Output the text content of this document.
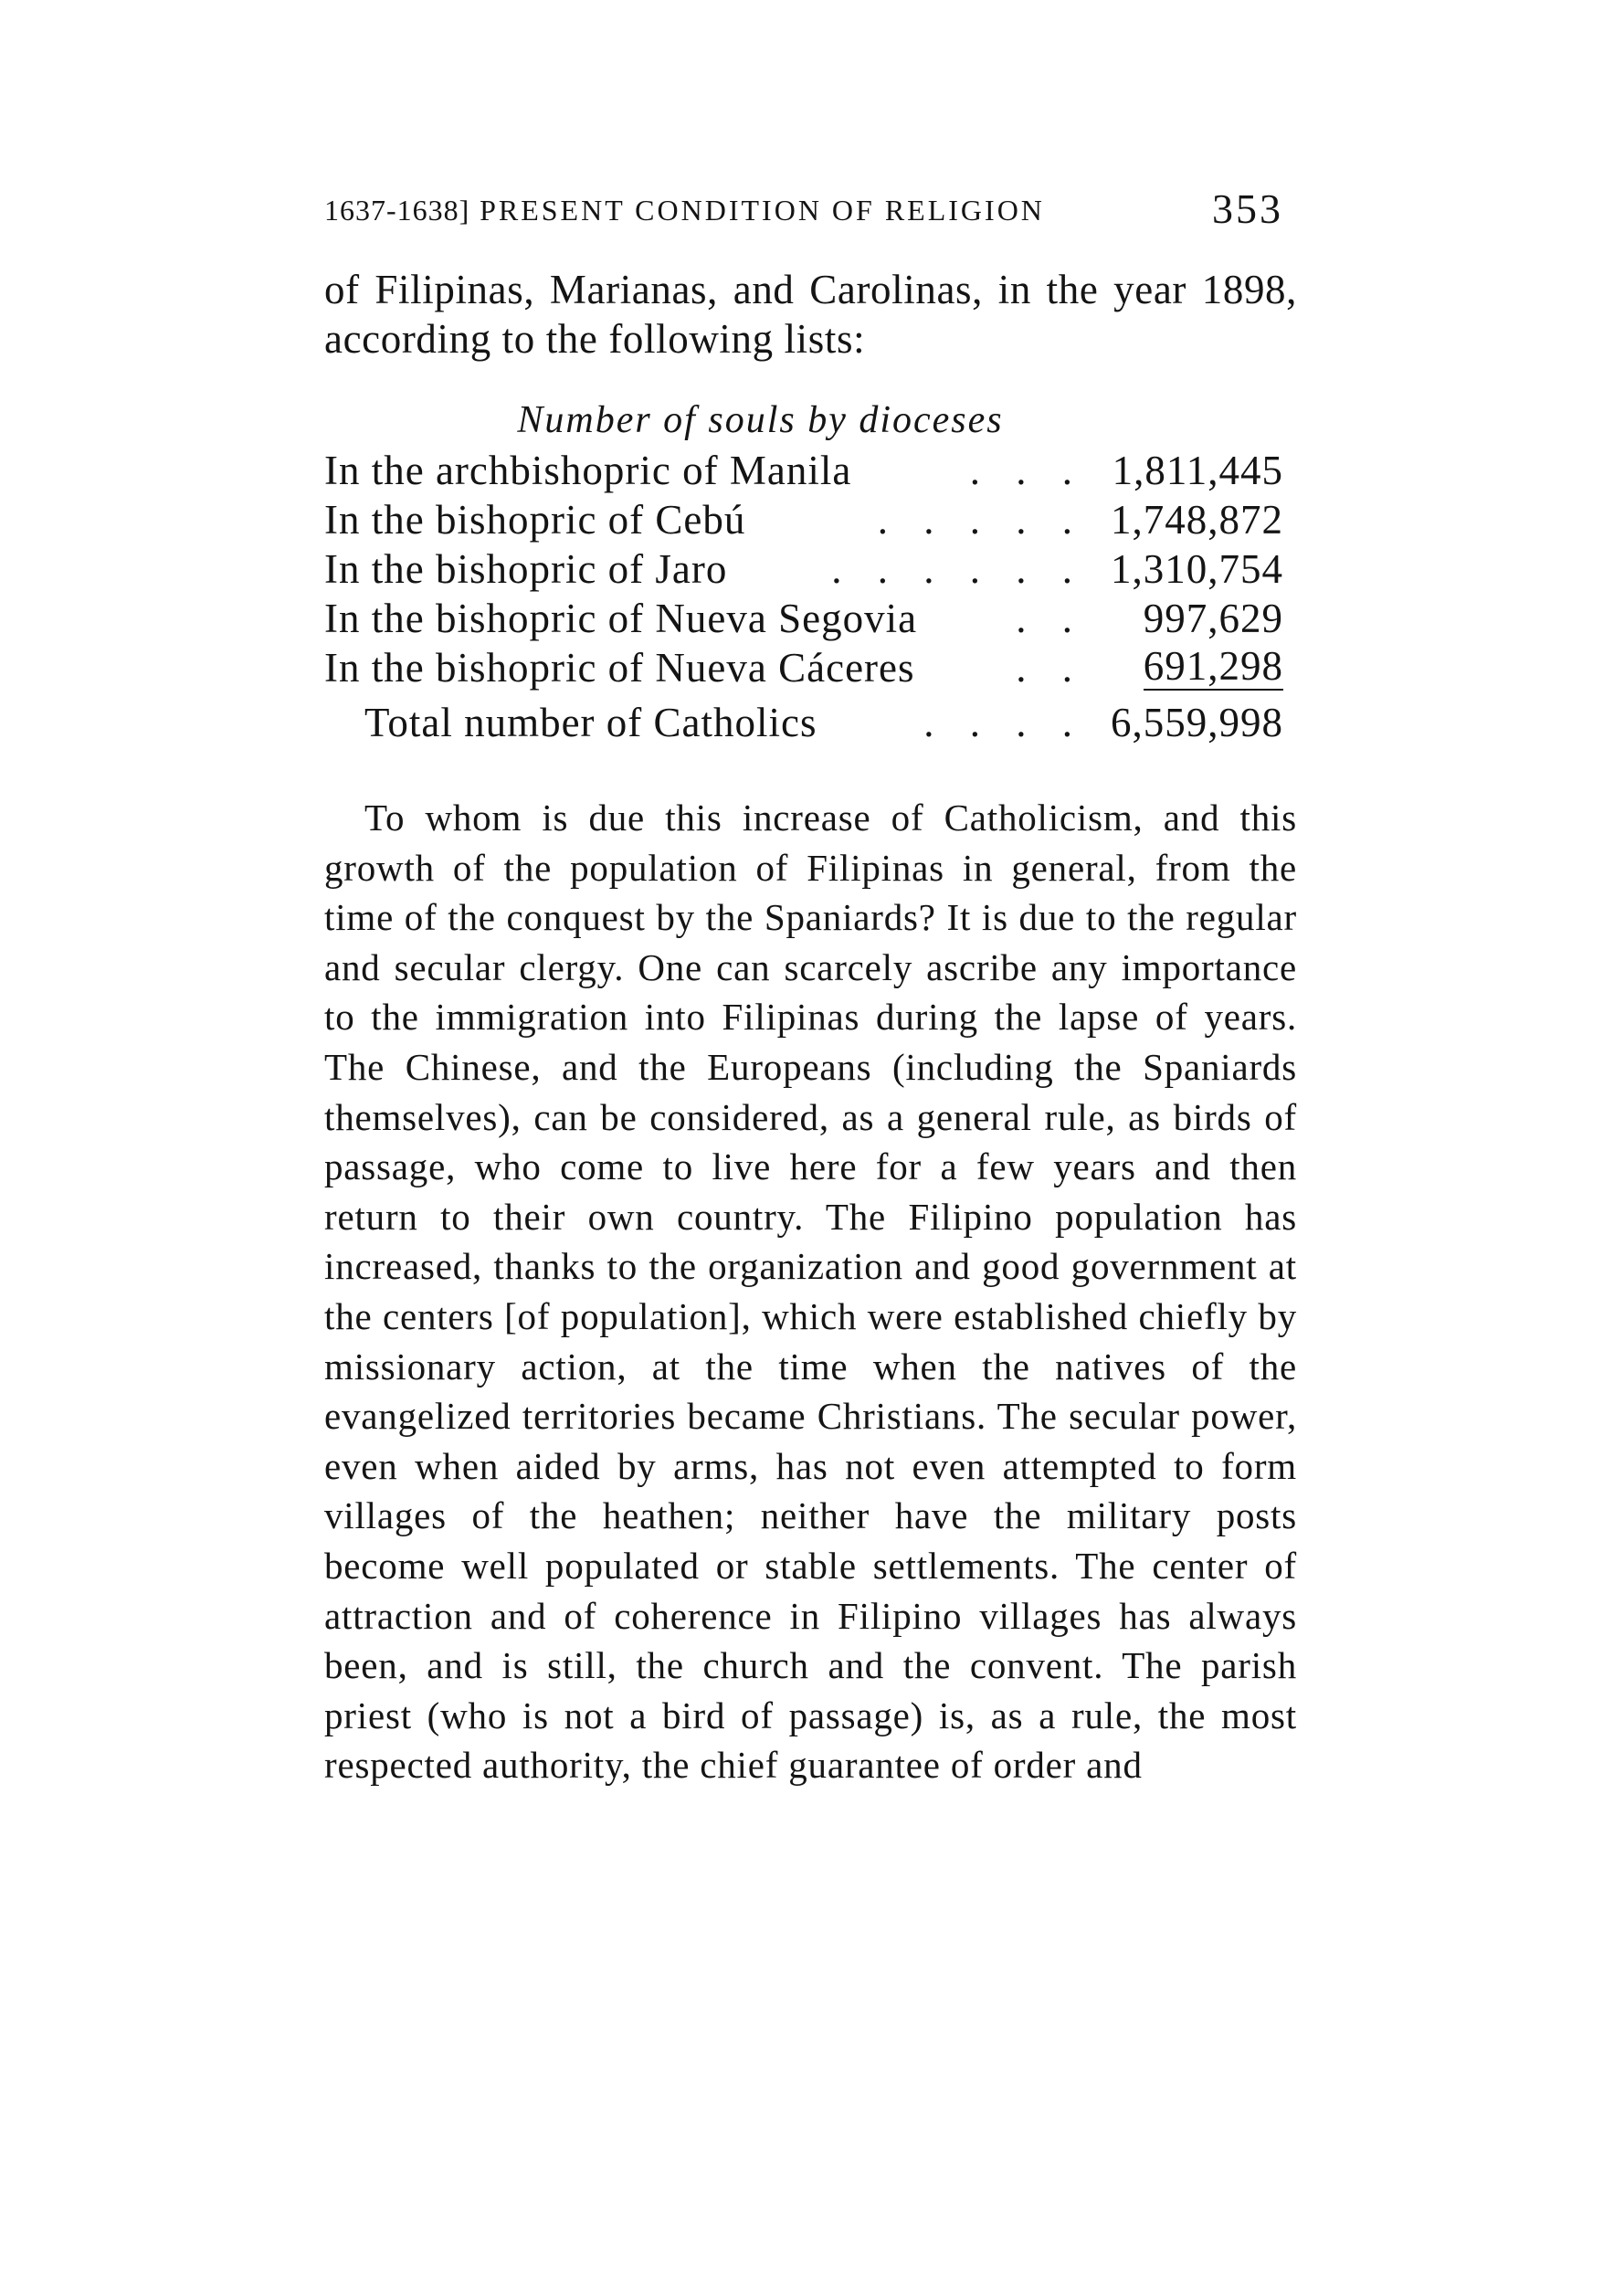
1637-1638] PRESENT CONDITION OF RELIGION	353
of Filipinas, Marianas, and Carolinas, in the year 1898, according to the following lists:
Number of souls by dioceses
In the archbishopric of Manila	. . . 1,811,445
In the bishopric of Cebú	. . . . . 1,748,872
In the bishopric of Jaro	. . . . . . 1,310,754
In the bishopric of Nueva Segovia . . 997,629
In the bishopric of Nueva Cáceres . . 691,298
Total number of Catholics	. . . . 6,559,998
To whom is due this increase of Catholicism, and this growth of the population of Filipinas in general, from the time of the conquest by the Spaniards? It is due to the regular and secular clergy. One can scarcely ascribe any importance to the immigration into Filipinas during the lapse of years. The Chinese, and the Europeans (including the Spaniards themselves), can be considered, as a general rule, as birds of passage, who come to live here for a few years and then return to their own country. The Filipino population has increased, thanks to the organization and good government at the centers [of population], which were established chiefly by missionary action, at the time when the natives of the evangelized territories became Christians. The secular power, even when aided by arms, has not even attempted to form villages of the heathen; neither have the military posts become well populated or stable settlements. The center of attraction and of coherence in Filipino villages has always been, and is still, the church and the convent. The parish priest (who is not a bird of passage) is, as a rule, the most respected authority, the chief guarantee of order and
